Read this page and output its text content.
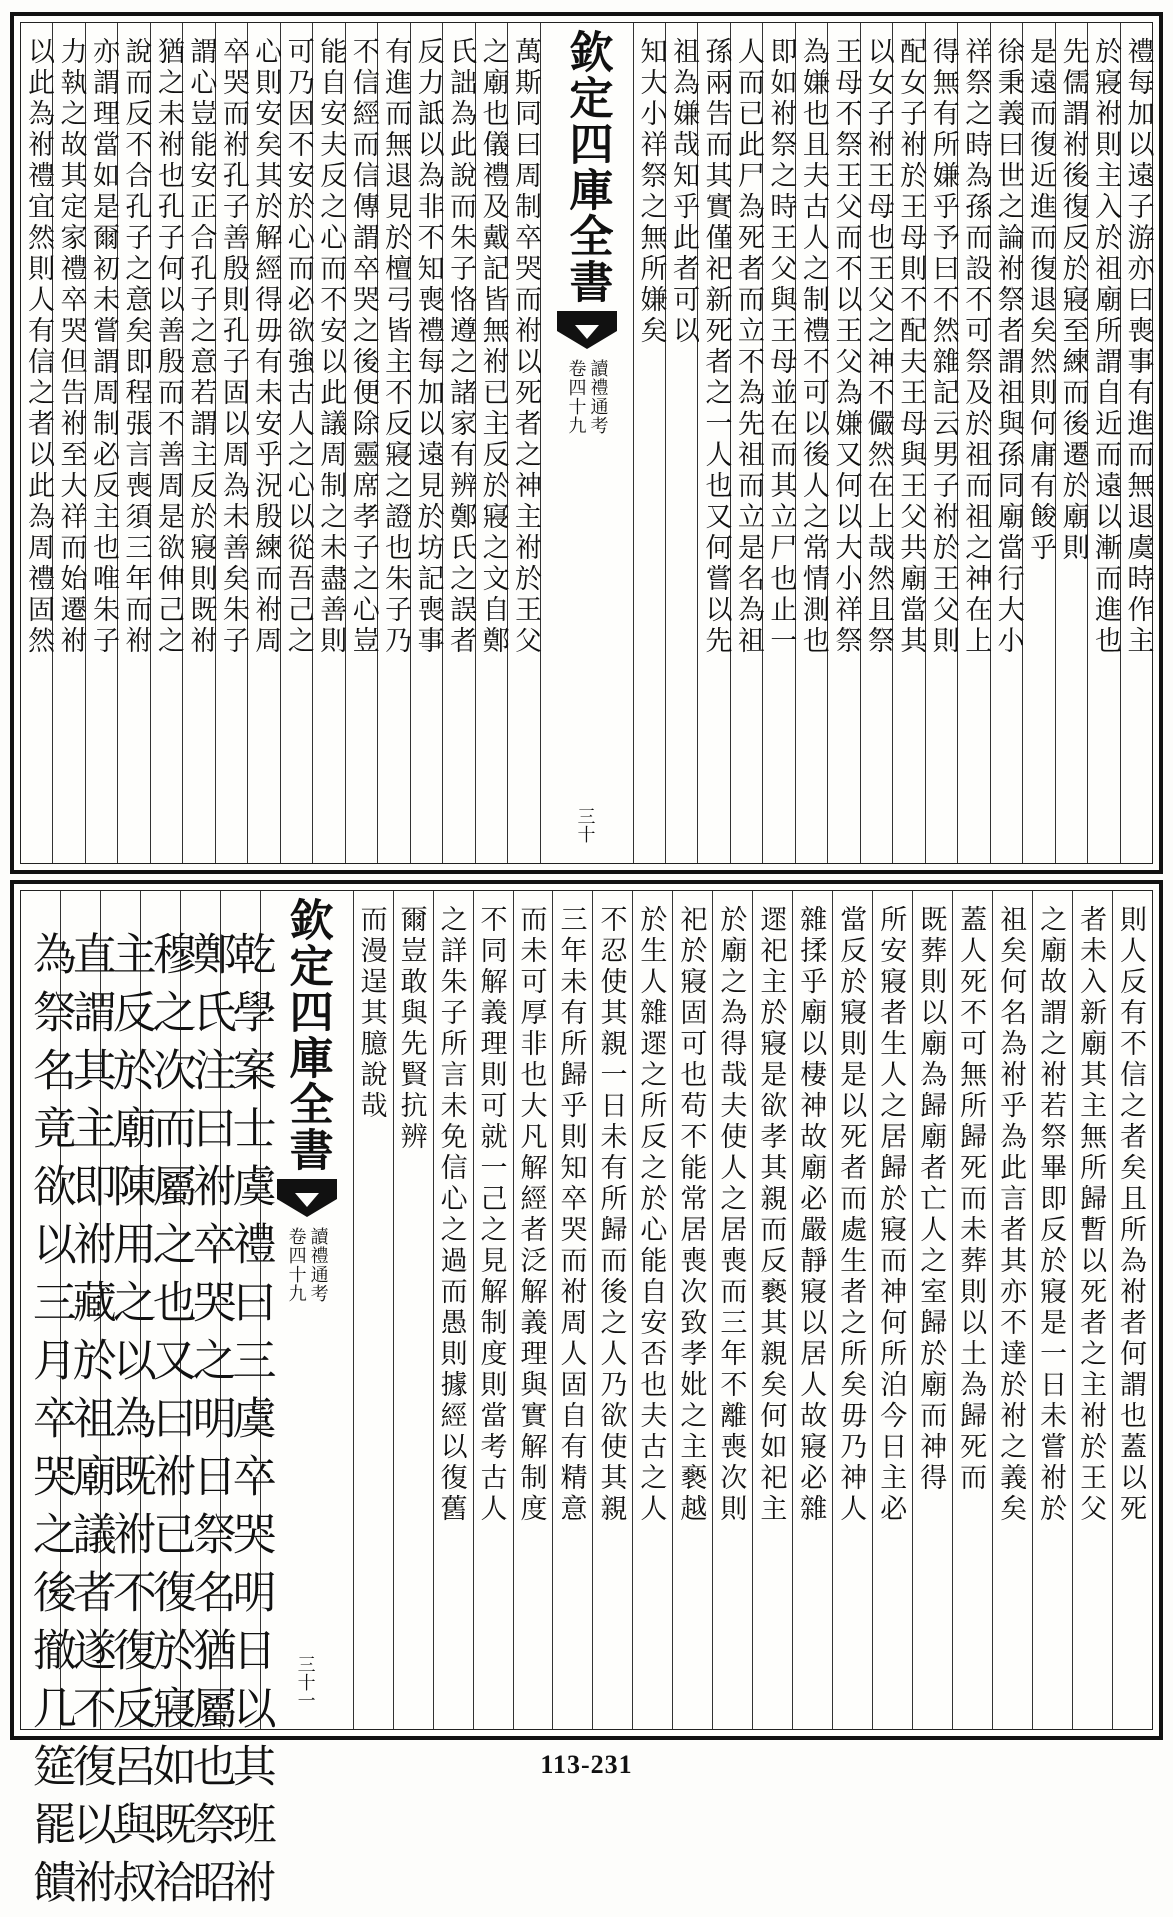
禮每加以遠子游亦曰喪事有進而無退虞時作主
於寢祔則主入於祖廟所謂自近而遠以漸而進也
先儒謂祔後復反於寢至練而後遷於廟則
是遠而復近進而復退矣然則何庸有餕乎
徐秉義曰世之論祔祭者謂祖與孫同廟當行大小
祥祭之時為孫而設不可祭及於祖而祖之神在上
得無有所嫌乎予曰不然雜記云男子祔於王父則
配女子祔於王母則不配夫王母與王父共廟當其
以女子祔王母也王父之神不儼然在上哉然且祭
王母不祭王父而不以王父為嫌又何以大小祥祭
為嫌也且夫古人之制禮不可以後人之常情測也
即如祔祭之時王父與王母並在而其立尸也止一
人而已此尸為死者而立不為先祖而立是名為祖
孫兩告而其實僅祀新死者之一人也又何嘗以先
祖為嫌哉知乎此者可以
知大小祥祭之無所嫌矣
欽定四庫全書
讀禮通考
卷四十九
三十
萬斯同曰周制卒哭而祔以死者之神主祔於王父
之廟也儀禮及戴記皆無祔已主反於寢之文自鄭
氏詘為此說而朱子恪遵之諸家有辨鄭氏之誤者
反力詆以為非不知喪禮每加以遠見於坊記喪事
有進而無退見於檀弓皆主不反寢之證也朱子乃
不信經而信傳謂卒哭之後便除靈席孝子之心豈
能自安夫反之心而不安以此議周制之未盡善則
可乃因不安於心而必欲強古人之心以從吾己之
心則安矣其於解經得毋有未安乎況殷練而祔周
卒哭而祔孔子善殷則孔子固以周為未善矣朱子
謂心豈能安正合孔子之意若謂主反於寢則既祔
猶之未祔也孔子何以善殷而不善周是欲伸己之
說而反不合孔子之意矣即程張言喪須三年而祔
亦謂理當如是爾初未嘗謂周制必反主也唯朱子
力執之故其定家禮卒哭但告祔至大祥而始遷祔
以此為祔禮宜然則人有信之者以此為周禮固然
則人反有不信之者矣且所為祔者何謂也蓋以死
者未入新廟其主無所歸暫以死者之主祔於王父
之廟故謂之祔若祭畢即反於寢是一日未嘗祔於
祖矣何名為祔乎為此言者其亦不達於祔之義矣
蓋人死不可無所歸死而未葬則以土為歸死而
既葬則以廟為歸廟者亡人之室歸於廟而神得
所安寢者生人之居歸於寢而神何所泊今日主必
當反於寢則是以死者而處生者之所矣毋乃神人
雜揉乎廟以棲神故廟必嚴靜寢以居人故寢必雜
遝祀主於寢是欲孝其親而反褻其親矣何如祀主
於廟之為得哉夫使人之居喪而三年不離喪次則
祀於寢固可也苟不能常居喪次致孝妣之主褻越
於生人雜遝之所反之於心能自安否也夫古之人
不忍使其親一日未有所歸而後之人乃欲使其親
三年未有所歸乎則知卒哭而祔周人固自有精意
而未可厚非也大凡解經者泛解義理與實解制度
不同解義理則可就一己之見解制度則當考古人
之詳朱子所言未免信心之過而愚則據經以復舊
爾豈敢與先賢抗辨
而漫逞其臆說哉
欽定四庫全書
讀禮通考
卷四十九
三十一
乾學案士虞禮曰三虞卒哭明日以其班祔
鄭氏注曰祔卒哭之明日祭名猶屬也祭昭
穆之次而屬之也又曰祔已復於寢如既祫
主反於廟陳用之以為既祔不復反呂與叔
直謂其主即祔藏於祖廟議者遂不復以祔
為祭名竟欲以三月卒哭之後撤几筵罷饋	113-231
